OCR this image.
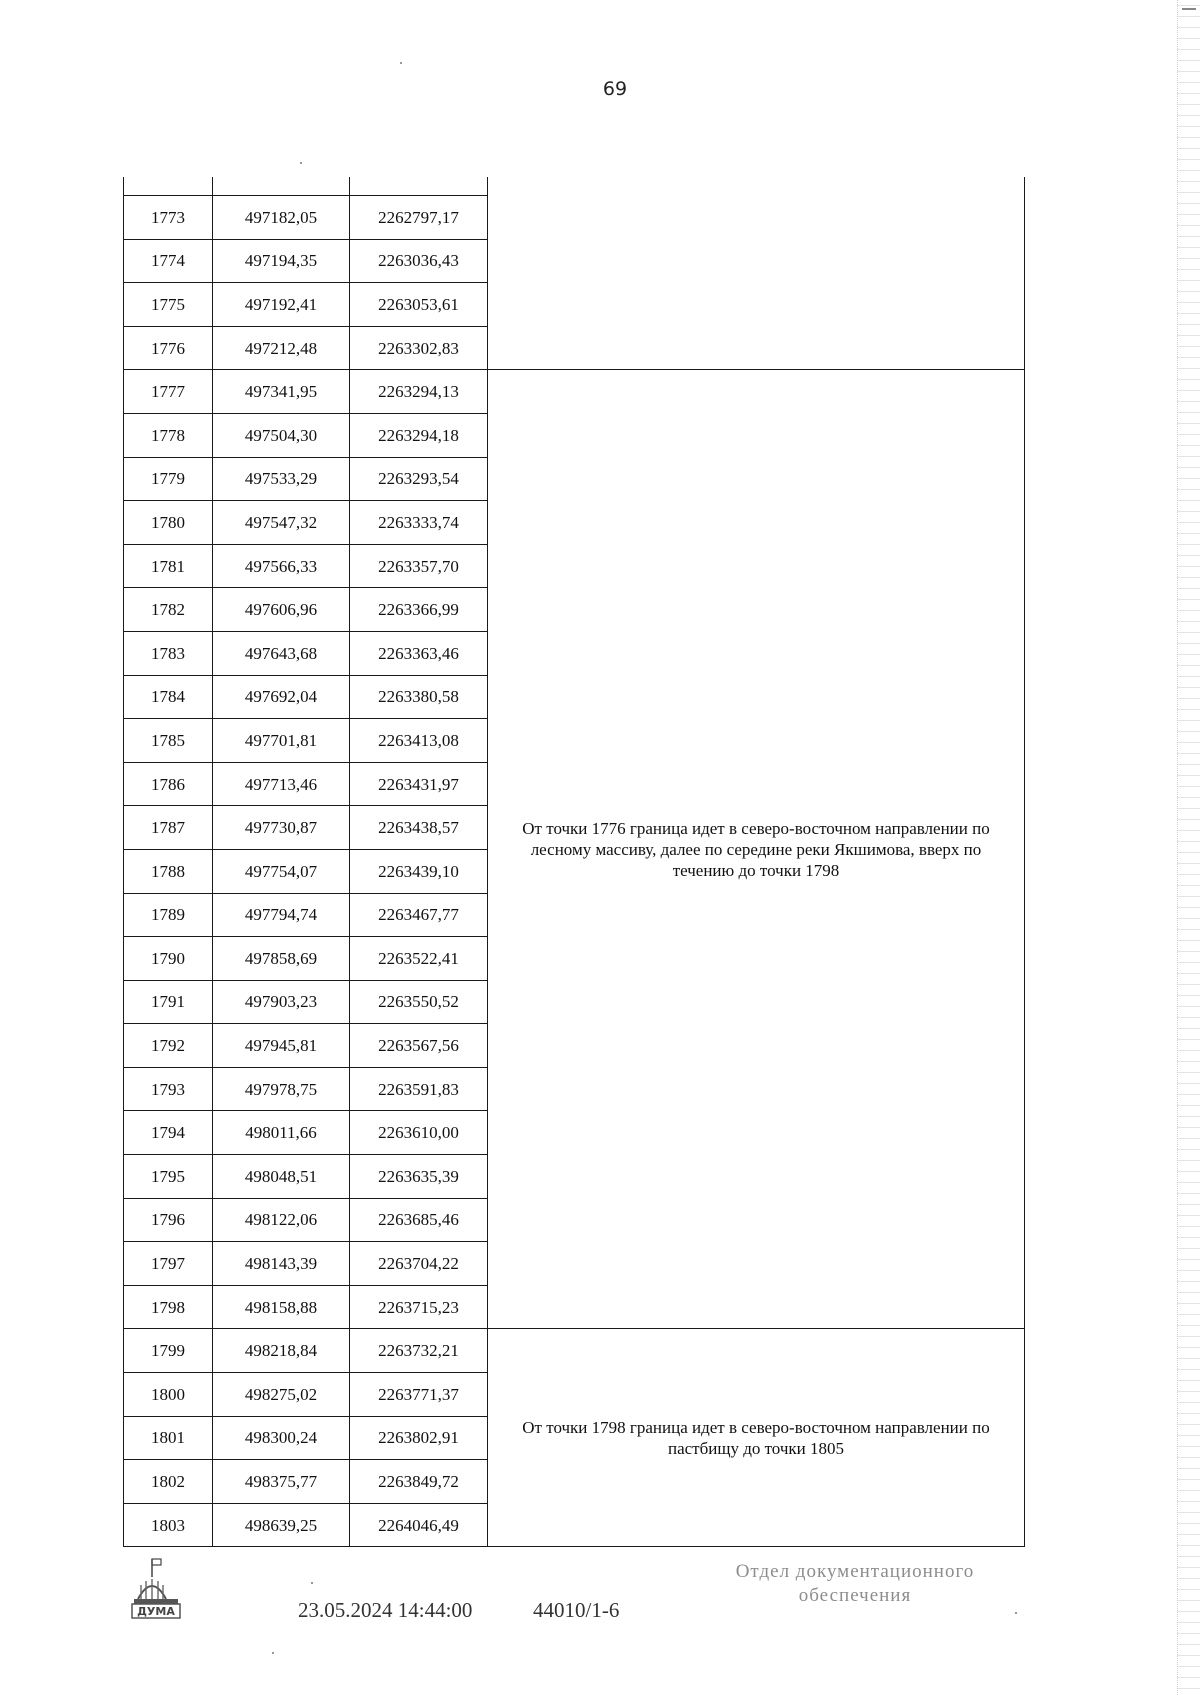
69

1773	497182,05	2262797,17	
1774	497194,35	2263036,43	
1775	497192,41	2263053,61	
1776	497212,48	2263302,83	
1777	497341,95	2263294,13	От точки 1776 граница идет в северо-восточном направлении по лесному массиву, далее по середине реки Якшимова, вверх по течению до точки 1798
1778	497504,30	2263294,18	
1779	497533,29	2263293,54	
1780	497547,32	2263333,74	
1781	497566,33	2263357,70	
1782	497606,96	2263366,99	
1783	497643,68	2263363,46	
1784	497692,04	2263380,58	
1785	497701,81	2263413,08	
1786	497713,46	2263431,97	
1787	497730,87	2263438,57	
1788	497754,07	2263439,10	
1789	497794,74	2263467,77	
1790	497858,69	2263522,41	
1791	497903,23	2263550,52	
1792	497945,81	2263567,56	
1793	497978,75	2263591,83	
1794	498011,66	2263610,00	
1795	498048,51	2263635,39	
1796	498122,06	2263685,46	
1797	498143,39	2263704,22	
1798	498158,88	2263715,23	
1799	498218,84	2263732,21	От точки 1798 граница идет в северо-восточном направлении по пастбищу до точки 1805
1800	498275,02	2263771,37	
1801	498300,24	2263802,91	
1802	498375,77	2263849,72	
1803	498639,25	2264046,49	
ДУМА	23.05.2024 14:44:00	44010/1-6
Отдел документационного
обеспечения
